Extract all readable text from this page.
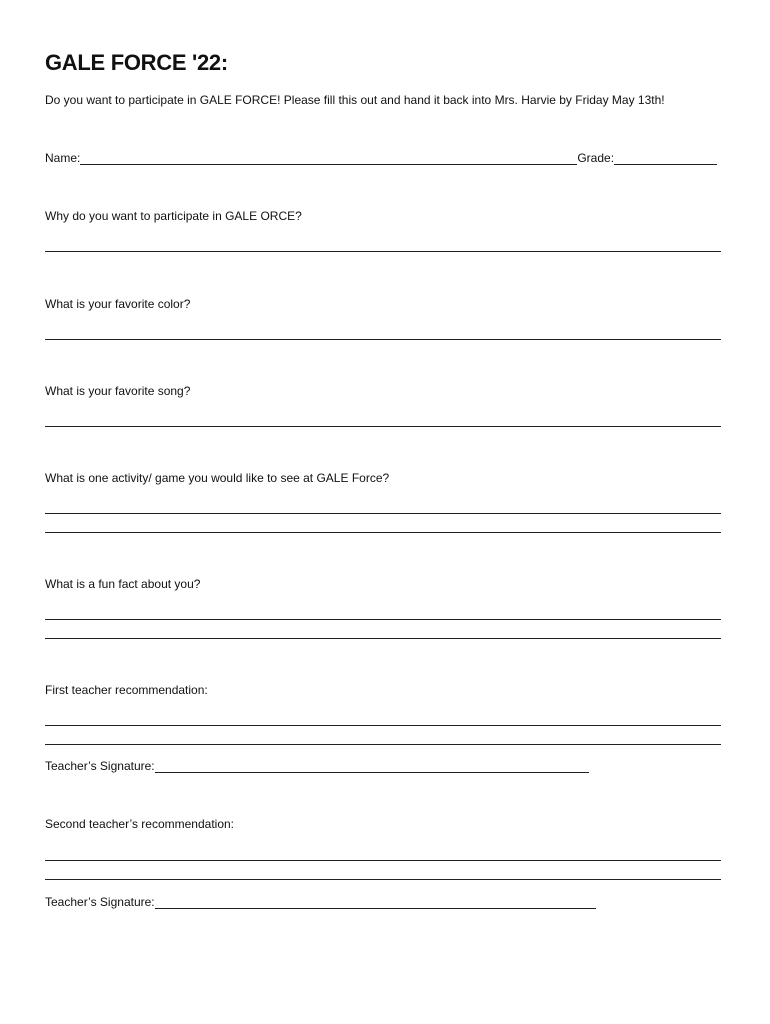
GALE FORCE '22:
Do you want to participate in GALE FORCE! Please fill this out and hand it back into Mrs. Harvie by Friday May 13th!
Name:	Grade:
Why do you want to participate in GALE ORCE?
What is your favorite color?
What is your favorite song?
What is one activity/ game you would like to see at GALE Force?
What is a fun fact about you?
First teacher recommendation:
Teacher’s Signature:
Second teacher’s recommendation:
Teacher’s Signature:
